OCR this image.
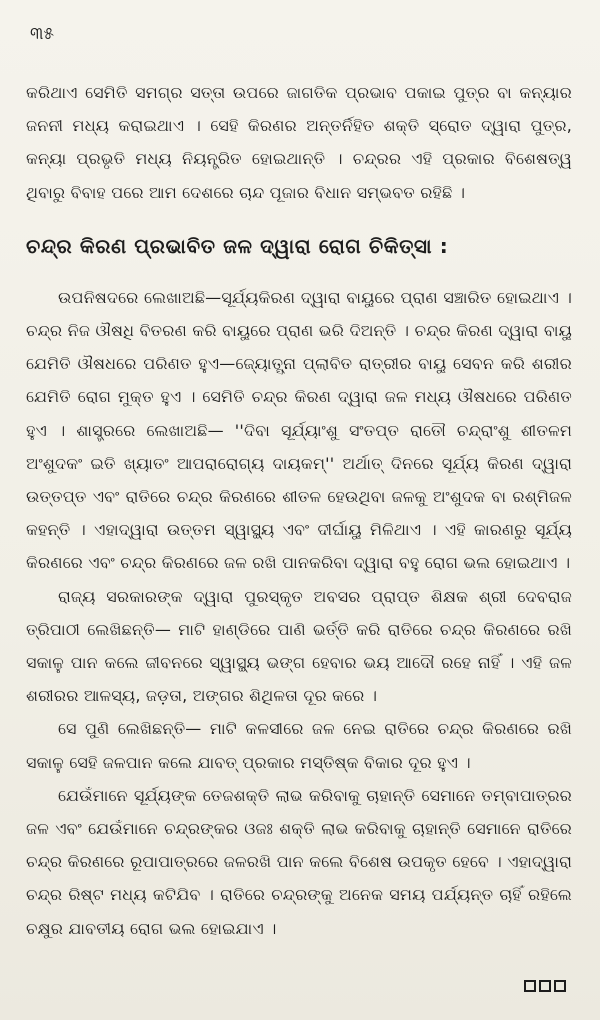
୩୫

କରିଥାଏ ସେମିତି ସମଗ୍ର ସତ୍ତା ଉପରେ ଜାଗତିକ ପ୍ରଭାବ ପକାଇ ପୁତ୍ର ବା କନ୍ୟାର ଜନନୀ ମଧ୍ୟ କରାଇଥାଏ । ସେହି କିରଣର ଅନ୍ତର୍ନିହିତ ଶକ୍ତି ସ୍ରୋତ ଦ୍ୱାରା ପୁତ୍ର, କନ୍ୟା ପ୍ରଭୃତି ମଧ୍ୟ ନିୟନ୍ତ୍ରିତ ହୋଇଥାନ୍ତି । ଚନ୍ଦ୍ରର ଏହି ପ୍ରକାର ବିଶେଷତ୍ୱ ଥିବାରୁ ବିବାହ ପରେ ଆମ ଦେଶରେ ଚାନ୍ଦ ପୂଜାର ବିଧାନ ସମ୍ଭବତ ରହିଛି ।

ଚନ୍ଦ୍ର କିରଣ ପ୍ରଭାବିତ ଜଳ ଦ୍ୱାରା ରୋଗ ଚିକିତ୍ସା :

ଉପନିଷଦରେ ଲେଖାଅଛି—ସୂର୍ଯ୍ୟକିରଣ ଦ୍ୱାରା ବାୟୁରେ ପ୍ରାଣ ସଞ୍ଚାରିତ ହୋଇଥାଏ । ଚନ୍ଦ୍ର ନିଜ ଔଷଧି ବିତରଣ କରି ବାୟୁରେ ପ୍ରାଣ ଭରି ଦିଅନ୍ତି । ଚନ୍ଦ୍ର କିରଣ ଦ୍ୱାରା ବାୟୁ ଯେମିତି ଔଷଧରେ ପରିଣତ ହୁଏ—ଜ୍ୟୋତ୍ସ୍ନା ପ୍ଲାବିତ ରାତ୍ରୀର ବାୟୁ ସେବନ କରି ଶରୀର ଯେମିତି ରୋଗ ମୁକ୍ତ ହୁଏ । ସେମିତି ଚନ୍ଦ୍ର କିରଣ ଦ୍ୱାରା ଜଳ ମଧ୍ୟ ଔଷଧରେ ପରିଣତ ହୁଏ । ଶାସ୍ତ୍ରରେ ଲେଖାଅଛି— ''ଦିବା ସୂର୍ଯ୍ୟାଂଶୁ ସଂତପ୍ତ ରାତୌ ଚନ୍ଦ୍ରାଂଶୁ ଶୀତଳମ ଅଂଶୁଦକଂ ଇତି ଖ୍ୟାତଂ ଆପରାରୋଗ୍ୟ ଦାୟକମ୍'' ଅର୍ଥାତ୍ ଦିନରେ ସୂର୍ଯ୍ୟ କିରଣ ଦ୍ୱାରା ଉତ୍ତପ୍ତ ଏବଂ ରାତିରେ ଚନ୍ଦ୍ର କିରଣରେ ଶୀତଳ ହେଉଥିବା ଜଳକୁ ଅଂଶୁଦକ ବା ରଶ୍ମିଜଳ କହନ୍ତି । ଏହାଦ୍ୱାରା ଉତ୍ତମ ସ୍ୱାସ୍ଥ୍ୟ ଏବଂ ଦୀର୍ଘାୟୁ ମିଳିଥାଏ । ଏହି କାରଣରୁ ସୂର୍ଯ୍ୟ କିରଣରେ ଏବଂ ଚନ୍ଦ୍ର କିରଣରେ ଜଳ ରଖି ପାନକରିବା ଦ୍ୱାରା ବହୁ ରୋଗ ଭଲ ହୋଇଥାଏ ।

ରାଜ୍ୟ ସରକାରଙ୍କ ଦ୍ୱାରା ପୁରସ୍କୃତ ଅବସର ପ୍ରାପ୍ତ ଶିକ୍ଷକ ଶ୍ରୀ ଦେବରାଜ ତ୍ରିପାଠୀ ଲେଖିଛନ୍ତି— ମାଟି ହାଣ୍ଡିରେ ପାଣି ଭର୍ତ୍ତି କରି ରାତିରେ ଚନ୍ଦ୍ର କିରଣରେ ରଖି ସକାଳୁ ପାନ କଲେ ଜୀବନରେ ସ୍ୱାସ୍ଥ୍ୟ ଭଙ୍ଗ ହେବାର ଭୟ ଆଦୌ ରହେ ନାହିଁ । ଏହି ଜଳ ଶରୀରର ଆଳସ୍ୟ, ଜଡ଼ତା, ଅଙ୍ଗର ଶିଥିଳତା ଦୂର କରେ ।

ସେ ପୁଣି ଲେଖିଛନ୍ତି— ମାଟି କଳସୀରେ ଜଳ ନେଇ ରାତିରେ ଚନ୍ଦ୍ର କିରଣରେ ରଖି ସକାଳୁ ସେହି ଜଳପାନ କଲେ ଯାବତ୍ ପ୍ରକାର ମସ୍ତିଷ୍କ ବିକାର ଦୂର ହୁଏ ।

ଯେଉଁମାନେ ସୂର୍ଯ୍ୟଙ୍କ ତେଜଶକ୍ତି ଲାଭ କରିବାକୁ ଚାହାନ୍ତି ସେମାନେ ତମ୍ବାପାତ୍ରର ଜଳ ଏବଂ ଯେଉଁମାନେ ଚନ୍ଦ୍ରଙ୍କର ଓଜଃ ଶକ୍ତି ଲାଭ କରିବାକୁ ଚାହାନ୍ତି ସେମାନେ ରାତିରେ ଚନ୍ଦ୍ର କିରଣରେ ରୂପାପାତ୍ରରେ ଜଳରଖି ପାନ କଲେ ବିଶେଷ ଉପକୃତ ହେବେ । ଏହାଦ୍ୱାରା ଚନ୍ଦ୍ର ରିଷ୍ଟ ମଧ୍ୟ କଟିଯିବ । ରାତିରେ ଚନ୍ଦ୍ରଙ୍କୁ ଅନେକ ସମୟ ପର୍ଯ୍ୟନ୍ତ ଚାହିଁ ରହିଲେ ଚକ୍ଷୁର ଯାବତୀୟ ରୋଗ ଭଲ ହୋଇଯାଏ ।
